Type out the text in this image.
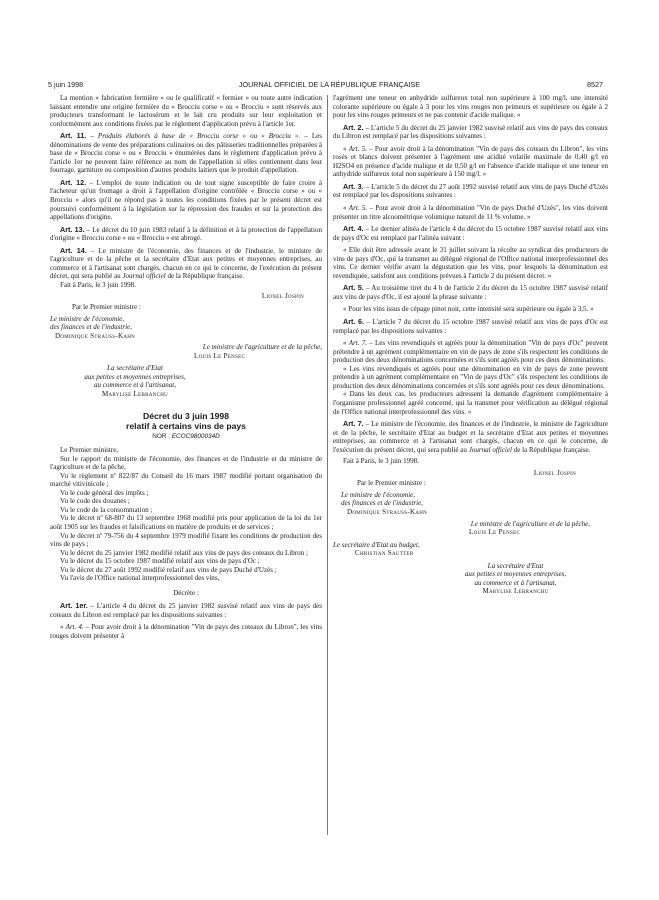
5 juin 1998	JOURNAL OFFICIEL DE LA RÉPUBLIQUE FRANÇAISE	8527

La mention « fabrication fermière » ou le qualificatif « fermier » ou toute autre indication laissant entendre une origine fermière du « Brocciu corse » ou « Brocciu » sont réservés aux producteurs transformant le lactosérum et le lait cru produits sur leur exploitation et conformément aux conditions fixées par le règlement d'application prévu à l'article 1er.

Art. 11. – Produits élaborés à base de « Brocciu corse » ou « Brocciu ». – Les dénominations de vente des préparations culinaires ou des pâtisseries traditionnelles préparées à base de « Brocciu corse » ou « Brocciu » énumérées dans le règlement d'application prévu à l'article 1er ne peuvent faire référence au nom de l'appellation si elles contiennent dans leur fourrage, garniture ou composition d'autres produits laitiers que le produit d'appellation.

Art. 12. – L'emploi de toute indication ou de tout signe susceptible de faire croire à l'acheteur qu'un fromage a droit à l'appellation d'origine contrôlée « Brocciu corse » ou « Brocciu » alors qu'il ne répond pas à toutes les conditions fixées par le présent décret est poursuivi conformément à la législation sur la répression des fraudes et sur la protection des appellations d'origine.

Art. 13. – Le décret du 10 juin 1983 relatif à la définition et à la protection de l'appellation d'origine « Brocciu corse » ou « Brocciu » est abrogé.

Art. 14. – Le ministre de l'économie, des finances et de l'industrie, le ministre de l'agriculture et de la pêche et la secrétaire d'Etat aux petites et moyennes entreprises, au commerce et à l'artisanat sont chargés, chacun en ce qui le concerne, de l'exécution du présent décret, qui sera publié au Journal officiel de la République française.

Fait à Paris, le 3 juin 1998.

Lionel Jospin

Par le Premier ministre :

Le ministre de l'économie,

des finances et de l'industrie,

Dominique Strauss-Kahn

Le ministre de l'agriculture et de la pêche,

Louis Le Pensec

La secrétaire d'Etat
aux petites et moyennes entreprises,
au commerce et à l'artisanat,
Marylise Lebranchu

Décret du 3 juin 1998

relatif à certains vins de pays

NOR : ECOC9800034D

Le Premier ministre,

Sur le rapport du ministre de l'économie, des finances et de l'industrie et du ministre de l'agriculture et de la pêche,

Vu le règlement nº 822/87 du Conseil du 16 mars 1987 modifié portant organisation du marché vitivinicole ;

Vu le code général des impôts ;

Vu le code des douanes ;

Vu le code de la consommation ;

Vu le décret nº 68-807 du 13 septembre 1968 modifié pris pour application de la loi du 1er août 1905 sur les fraudes et falsifications en matière de produits et de services ;

Vu le décret nº 79-756 du 4 septembre 1979 modifié fixant les conditions de production des vins de pays ;

Vu le décret du 25 janvier 1982 modifié relatif aux vins de pays des coteaux du Libron ;

Vu le décret du 15 octobre 1987 modifié relatif aux vins de pays d'Oc ;

Vu le décret du 27 août 1992 modifié relatif aux vins de pays Duché d'Uzès ;

Vu l'avis de l'Office national interprofessionnel des vins,

Décrète :

Art. 1er. – L'article 4 du décret du 25 janvier 1982 susvisé relatif aux vins de pays des coteaux du Libron est remplacé par les dispositions suivantes :

« Art. 4. – Pour avoir droit à la dénomination "Vin de pays des coteaux du Libron", les vins rouges doivent présenter à

l'agrément une teneur en anhydride sulfureux total non supérieure à 100 mg/l, une intensité colorante supérieure ou égale à 3 pour les vins rouges non primeurs et supérieure ou égale à 2 pour les vins rouges primeurs et ne pas contenir d'acide malique. »

Art. 2. – L'article 5 du décret du 25 janvier 1982 susvisé relatif aux vins de pays des coteaux du Libron est remplacé par les dispositions suivantes :

« Art. 5. – Pour avoir droit à la dénomination "Vin de pays des coteaux du Libron", les vins rosés et blancs doivent présenter à l'agrément une acidité volatile maximale de 0,40 g/l en H2SO4 en présence d'acide malique et de 0,50 g/l en l'absence d'acide malique et une teneur en anhydride sulfureux total non supérieure à 150 mg/l. »

Art. 3. – L'article 5 du décret du 27 août 1992 susvisé relatif aux vins de pays Duché d'Uzès est remplacé par les dispositions suivantes :

« Art. 5. – Pour avoir droit à la dénomination "Vin de pays Duché d'Uzès", les vins doivent présenter un titre alcoométrique volumique naturel de 11 % volume. »

Art. 4. – Le dernier alinéa de l'article 4 du décret du 15 octobre 1987 susvisé relatif aux vins de pays d'Oc est remplacé par l'alinéa suivant :

« Elle doit être adressée avant le 31 juillet suivant la récolte au syndicat des producteurs de vins de pays d'Oc, qui la transmet au délégué régional de l'Office national interprofessionnel des vins. Ce dernier vérifie avant la dégustation que les vins, pour lesquels la dénomination est revendiquée, satisfont aux conditions prévues à l'article 2 du présent décret. »

Art. 5. – Au troisième tiret du 4 b de l'article 2 du décret du 15 octobre 1987 susvisé relatif aux vins de pays d'Oc, il est ajouté la phrase suivante :

« Pour les vins issus de cépage pinot noir, cette intensité sera supérieure ou égale à 3,5. »

Art. 6. – L'article 7 du décret du 15 octobre 1987 susvisé relatif aux vins de pays d'Oc est remplacé par les dispositions suivantes :

« Art. 7. – Les vins revendiqués et agréés pour la dénomination "Vin de pays d'Oc" peuvent prétendre à un agrément complémentaire en vin de pays de zone s'ils respectent les conditions de production des deux dénominations concernées et s'ils sont agréés pour ces deux dénominations.

« Les vins revendiqués et agréés pour une dénomination en vin de pays de zone peuvent prétendre à un agrément complémentaire en "Vin de pays d'Oc" s'ils respectent les conditions de production des deux dénominations concernées et s'ils sont agréés pour ces deux dénominations.

« Dans les deux cas, les producteurs adressent la demande d'agrément complémentaire à l'organisme professionnel agréé concerné, qui la transmet pour vérification au délégué régional de l'Office national interprofessionnel des vins. »

Art. 7. – Le ministre de l'économie, des finances et de l'industrie, le ministre de l'agriculture et de la pêche, le secrétaire d'Etat au budget et la secrétaire d'Etat aux petites et moyennes entreprises, au commerce et à l'artisanat sont chargés, chacun en ce qui le concerne, de l'exécution du présent décret, qui sera publié au Journal officiel de la République française.

Fait à Paris, le 3 juin 1998.

Lionel Jospin

Par le Premier ministre :

Le ministre de l'économie,

des finances et de l'industrie,

Dominique Strauss-Kahn

Le ministre de l'agriculture et de la pêche,

Louis Le Pensec

Le secrétaire d'Etat au budget,

Christian Sautter

La secrétaire d'Etat
aux petites et moyennes entreprises,
au commerce et à l'artisanat,
Marylise Lebranchu
